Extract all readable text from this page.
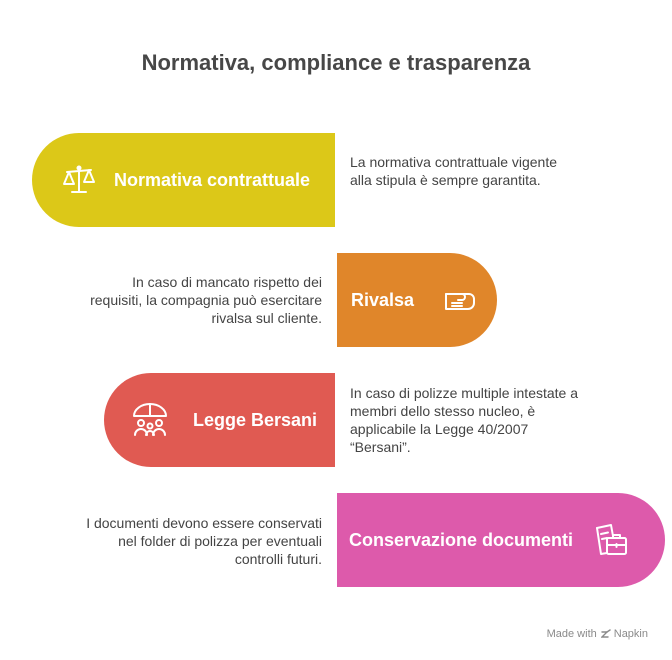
Normativa, compliance e trasparenza
Normativa contrattuale
La normativa contrattuale vigente alla stipula è sempre garantita.
Rivalsa
In caso di mancato rispetto dei requisiti, la compagnia può esercitare rivalsa sul cliente.
Legge Bersani
In caso di polizze multiple intestate a membri dello stesso nucleo, è applicabile la Legge 40/2007 “Bersani”.
Conservazione documenti
I documenti devono essere conservati nel folder di polizza per eventuali controlli futuri.
Made with Napkin
